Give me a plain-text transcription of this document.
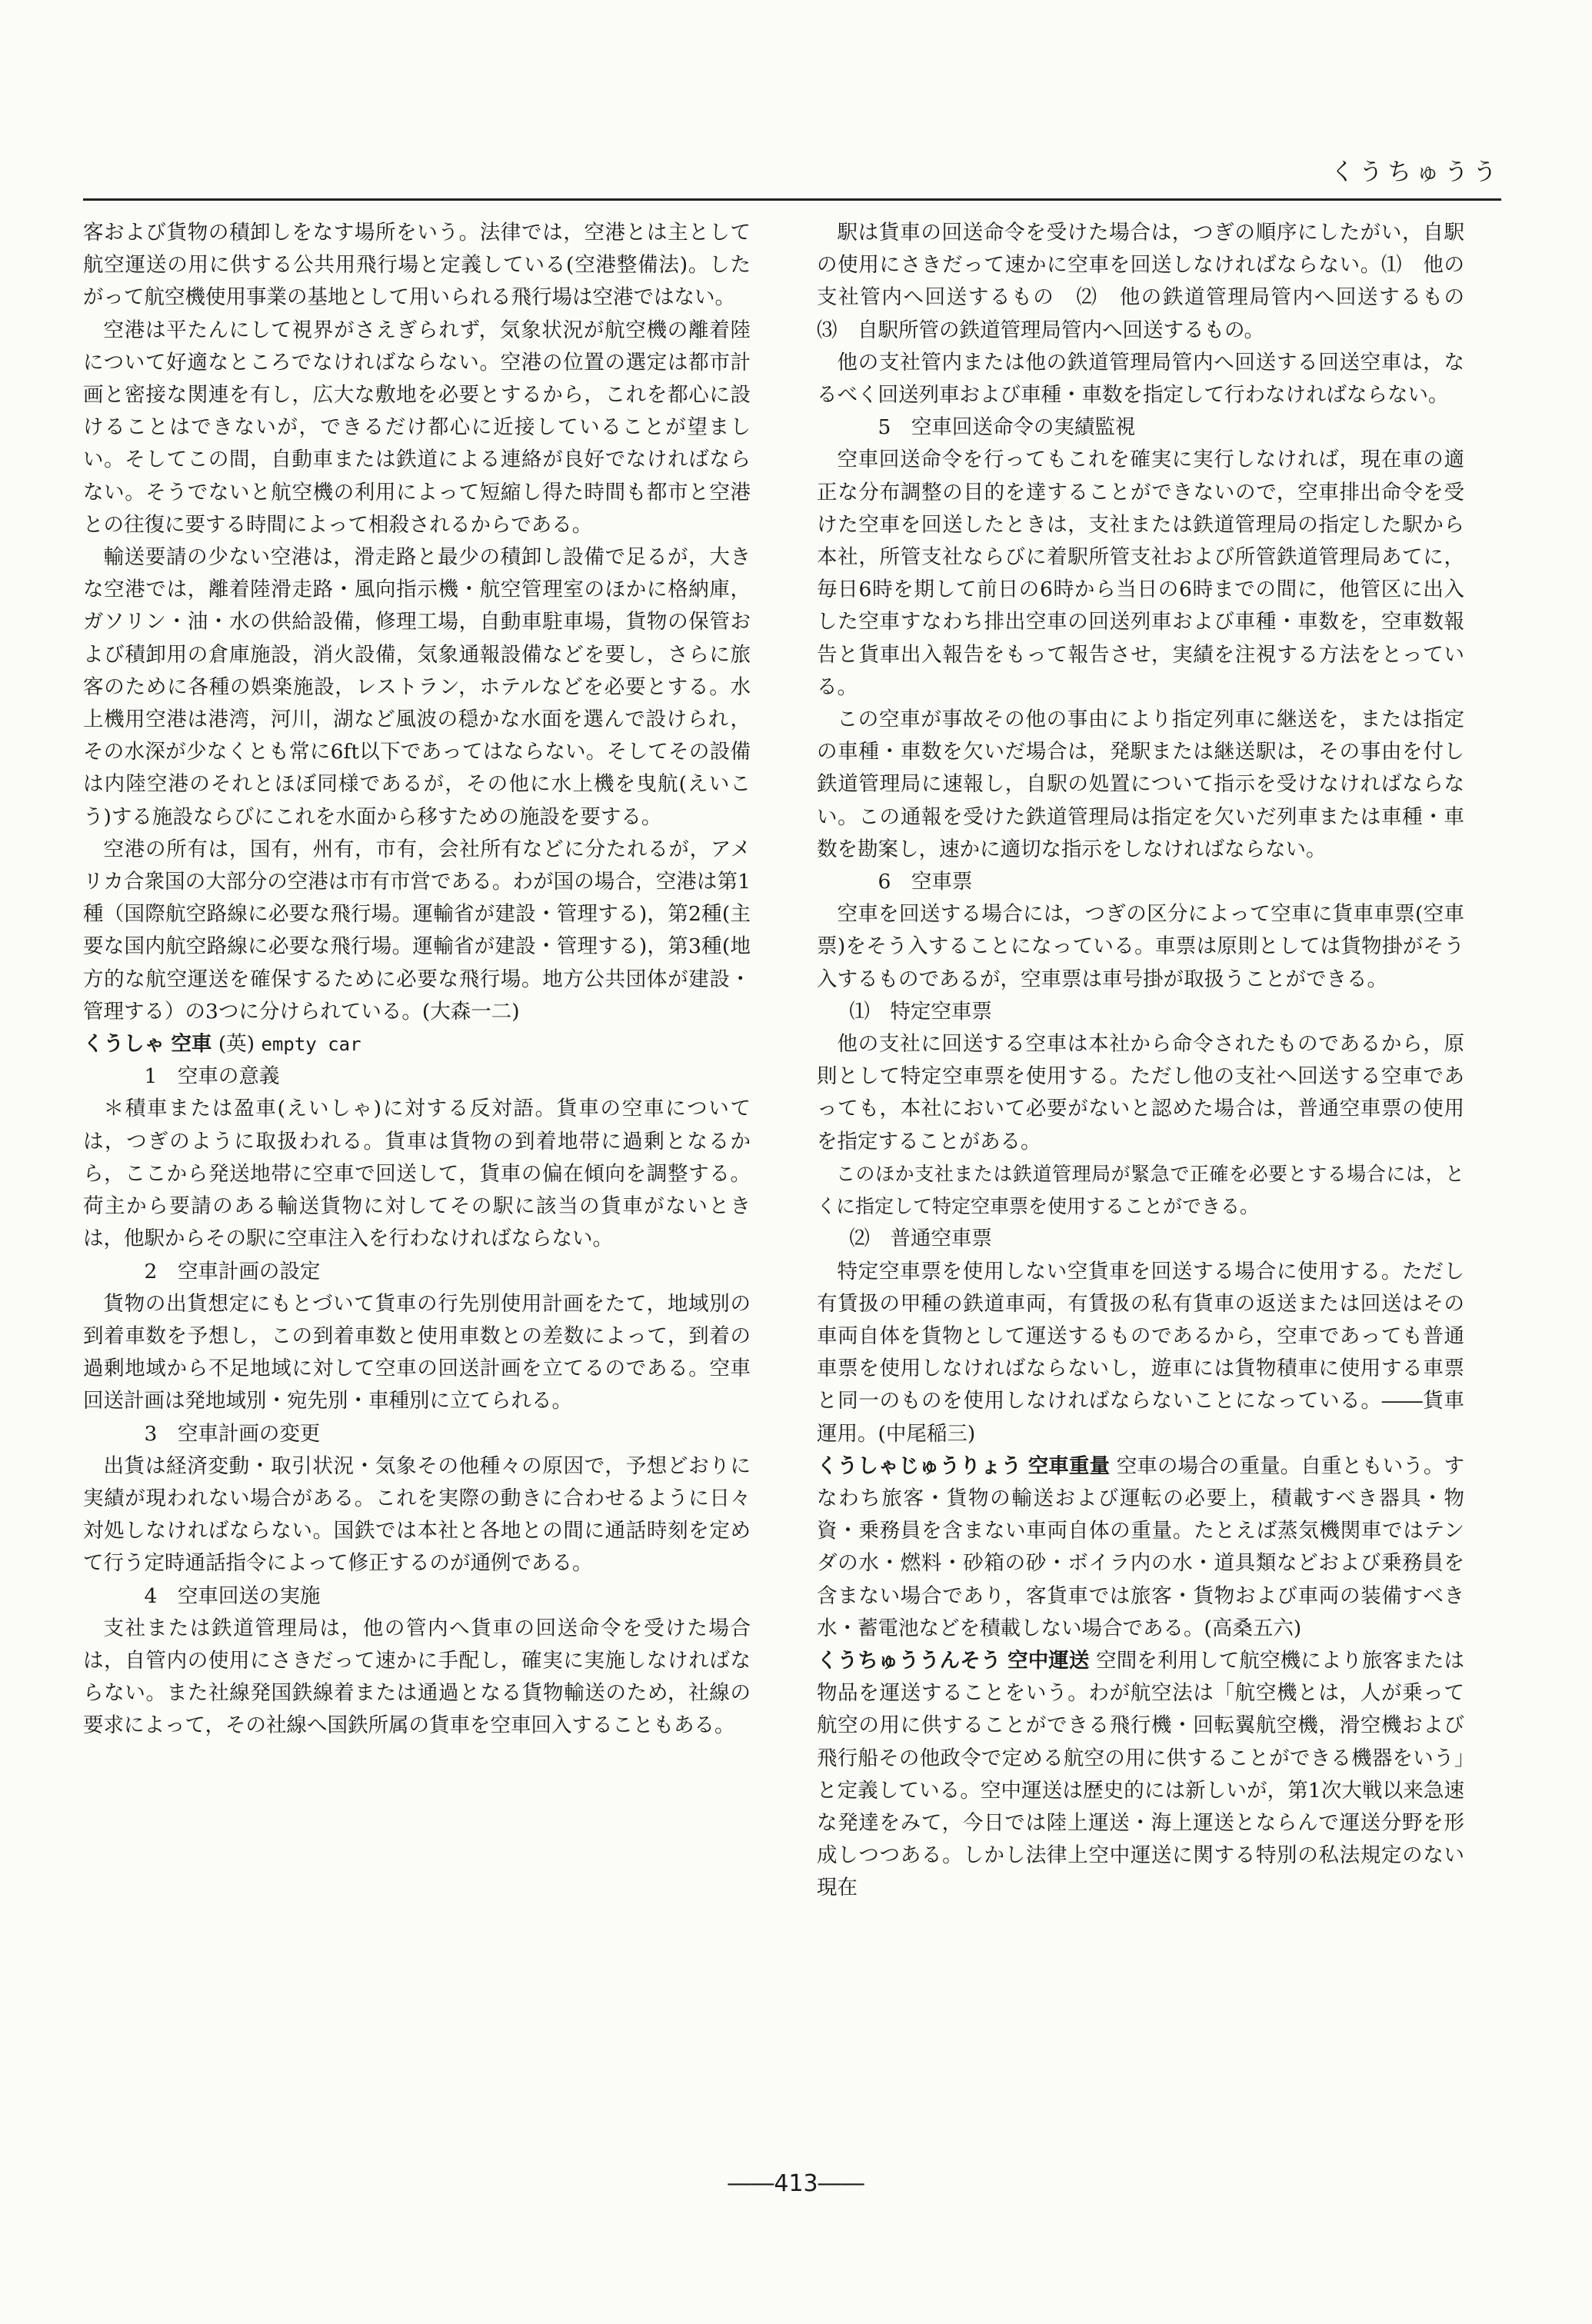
くうちゅうう

客および貨物の積卸しをなす場所をいう。法律では，空港とは主として航空運送の用に供する公共用飛行場と定義している(空港整備法)。したがって航空機使用事業の基地として用いられる飛行場は空港ではない。

空港は平たんにして視界がさえぎられず，気象状況が航空機の離着陸について好適なところでなければならない。空港の位置の選定は都市計画と密接な関連を有し，広大な敷地を必要とするから，これを都心に設けることはできないが，できるだけ都心に近接していることが望ましい。そしてこの間，自動車または鉄道による連絡が良好でなければならない。そうでないと航空機の利用によって短縮し得た時間も都市と空港との往復に要する時間によって相殺されるからである。

輸送要請の少ない空港は，滑走路と最少の積卸し設備で足るが，大きな空港では，離着陸滑走路・風向指示機・航空管理室のほかに格納庫，ガソリン・油・水の供給設備，修理工場，自動車駐車場，貨物の保管および積卸用の倉庫施設，消火設備，気象通報設備などを要し，さらに旅客のために各種の娯楽施設，レストラン，ホテルなどを必要とする。水上機用空港は港湾，河川，湖など風波の穏かな水面を選んで設けられ，その水深が少なくとも常に6ft以下であってはならない。そしてその設備は内陸空港のそれとほぼ同様であるが，その他に水上機を曳航(えいこう)する施設ならびにこれを水面から移すための施設を要する。

空港の所有は，国有，州有，市有，会社所有などに分たれるが，アメリカ合衆国の大部分の空港は市有市営である。わが国の場合，空港は第1種（国際航空路線に必要な飛行場。運輸省が建設・管理する)，第2種(主要な国内航空路線に必要な飛行場。運輸省が建設・管理する)，第3種(地方的な航空運送を確保するために必要な飛行場。地方公共団体が建設・管理する）の3つに分けられている。(大森一二)

くうしゃ 空車 (英) empty car

1　空車の意義

＊積車または盈車(えいしゃ)に対する反対語。貨車の空車については，つぎのように取扱われる。貨車は貨物の到着地帯に過剰となるから，ここから発送地帯に空車で回送して，貨車の偏在傾向を調整する。荷主から要請のある輸送貨物に対してその駅に該当の貨車がないときは，他駅からその駅に空車注入を行わなければならない。

2　空車計画の設定

貨物の出貨想定にもとづいて貨車の行先別使用計画をたて，地域別の到着車数を予想し，この到着車数と使用車数との差数によって，到着の過剰地域から不足地域に対して空車の回送計画を立てるのである。空車回送計画は発地域別・宛先別・車種別に立てられる。

3　空車計画の変更

出貨は経済変動・取引状況・気象その他種々の原因で，予想どおりに実績が現われない場合がある。これを実際の動きに合わせるように日々対処しなければならない。国鉄では本社と各地との間に通話時刻を定めて行う定時通話指令によって修正するのが通例である。

4　空車回送の実施

支社または鉄道管理局は，他の管内へ貨車の回送命令を受けた場合は，自管内の使用にさきだって速かに手配し，確実に実施しなければならない。また社線発国鉄線着または通過となる貨物輸送のため，社線の要求によって，その社線へ国鉄所属の貨車を空車回入することもある。

駅は貨車の回送命令を受けた場合は，つぎの順序にしたがい，自駅の使用にさきだって速かに空車を回送しなければならない。⑴　他の支社管内へ回送するもの　⑵　他の鉄道管理局管内へ回送するもの　⑶　自駅所管の鉄道管理局管内へ回送するもの。

他の支社管内または他の鉄道管理局管内へ回送する回送空車は，なるべく回送列車および車種・車数を指定して行わなければならない。

5　空車回送命令の実績監視

空車回送命令を行ってもこれを確実に実行しなければ，現在車の適正な分布調整の目的を達することができないので，空車排出命令を受けた空車を回送したときは，支社または鉄道管理局の指定した駅から本社，所管支社ならびに着駅所管支社および所管鉄道管理局あてに，毎日6時を期して前日の6時から当日の6時までの間に，他管区に出入した空車すなわち排出空車の回送列車および車種・車数を，空車数報告と貨車出入報告をもって報告させ，実績を注視する方法をとっている。

この空車が事故その他の事由により指定列車に継送を，または指定の車種・車数を欠いだ場合は，発駅または継送駅は，その事由を付し鉄道管理局に速報し，自駅の処置について指示を受けなければならない。この通報を受けた鉄道管理局は指定を欠いだ列車または車種・車数を勘案し，速かに適切な指示をしなければならない。

6　空車票

空車を回送する場合には，つぎの区分によって空車に貨車車票(空車票)をそう入することになっている。車票は原則としては貨物掛がそう入するものであるが，空車票は車号掛が取扱うことができる。

⑴　特定空車票

他の支社に回送する空車は本社から命令されたものであるから，原則として特定空車票を使用する。ただし他の支社へ回送する空車であっても，本社において必要がないと認めた場合は，普通空車票の使用を指定することがある。

このほか支社または鉄道管理局が緊急で正確を必要とする場合には，とくに指定して特定空車票を使用することができる。

⑵　普通空車票

特定空車票を使用しない空貨車を回送する場合に使用する。ただし有賃扱の甲種の鉄道車両，有賃扱の私有貨車の返送または回送はその車両自体を貨物として運送するものであるから，空車であっても普通車票を使用しなければならないし，遊車には貨物積車に使用する車票と同一のものを使用しなければならないことになっている。――貨車運用。(中尾稲三)

くうしゃじゅうりょう 空車重量 空車の場合の重量。自重ともいう。すなわち旅客・貨物の輸送および運転の必要上，積載すべき器具・物資・乗務員を含まない車両自体の重量。たとえば蒸気機関車ではテンダの水・燃料・砂箱の砂・ボイラ内の水・道具類などおよび乗務員を含まない場合であり，客貨車では旅客・貨物および車両の装備すべき水・蓄電池などを積載しない場合である。(高桑五六)

くうちゅううんそう 空中運送 空間を利用して航空機により旅客または物品を運送することをいう。わが航空法は「航空機とは，人が乗って航空の用に供することができる飛行機・回転翼航空機，滑空機および飛行船その他政令で定める航空の用に供することができる機器をいう」と定義している。空中運送は歴史的には新しいが，第1次大戦以来急速な発達をみて，今日では陸上運送・海上運送とならんで運送分野を形成しつつある。しかし法律上空中運送に関する特別の私法規定のない現在

――413――
